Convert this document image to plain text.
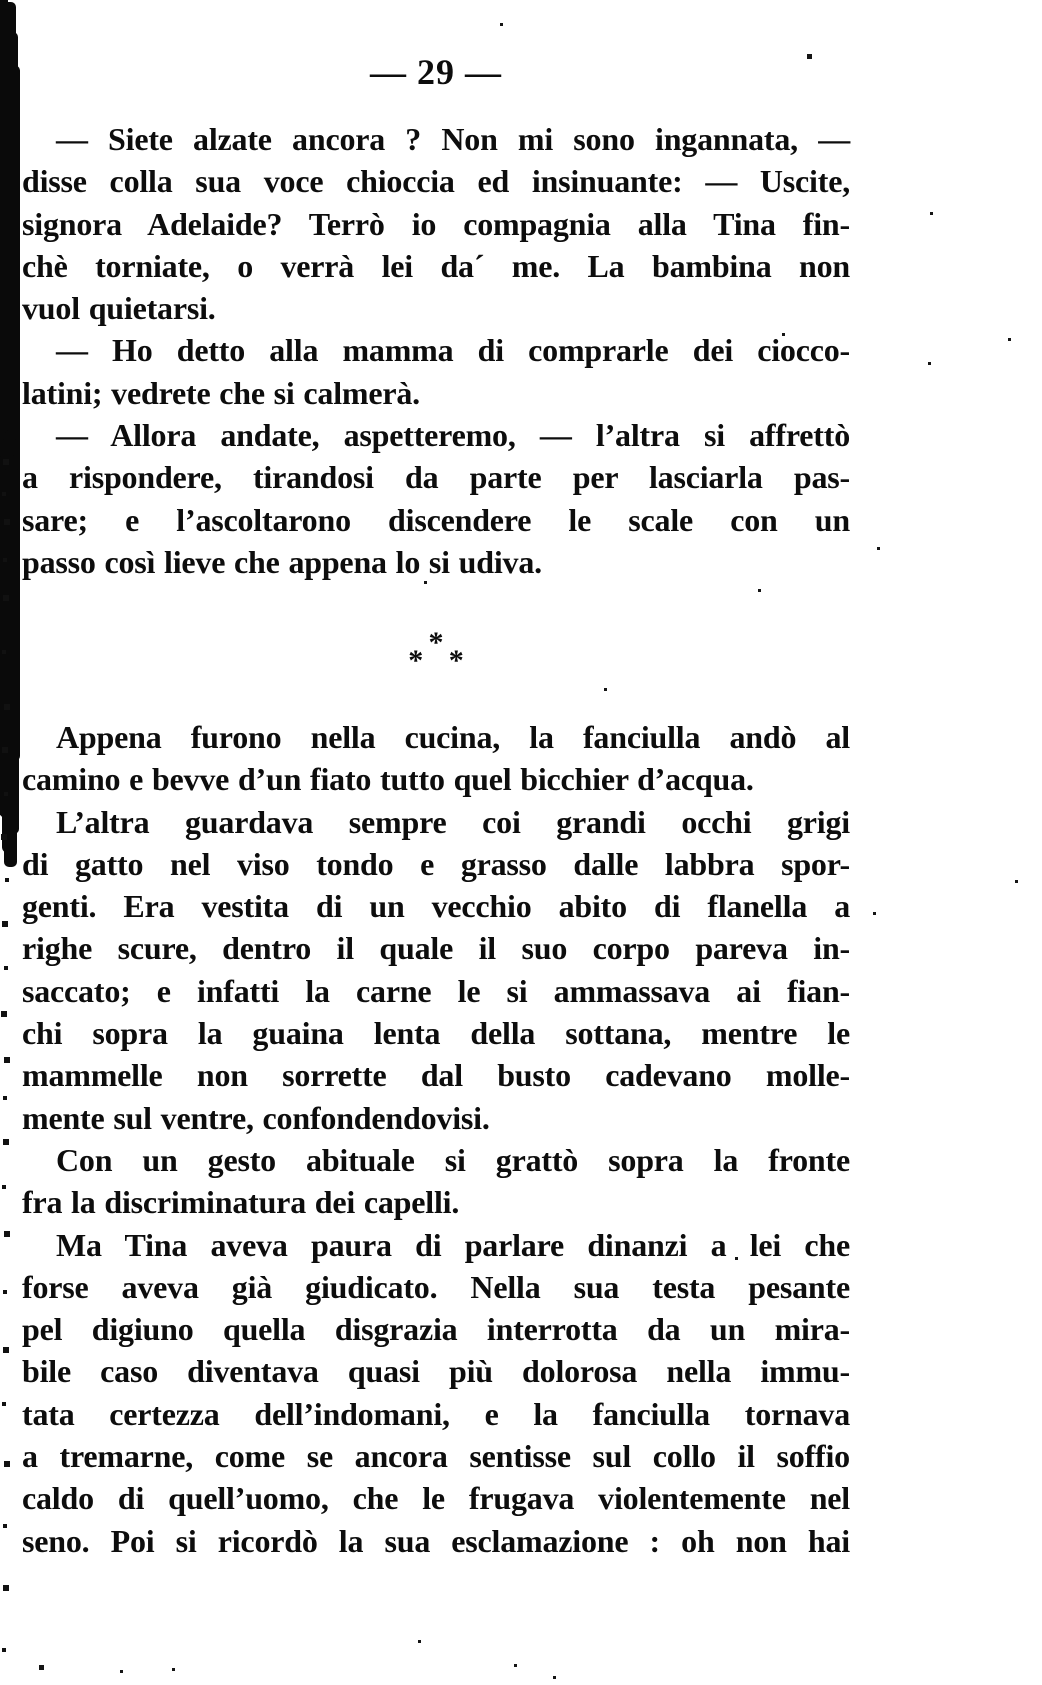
— 29 —
— Siete alzate ancora ? Non mi sono ingannata, —
disse colla sua voce chioccia ed insinuante: — Uscite,
signora Adelaide? Terrò io compagnia alla Tina fin-
chè torniate, o verrà lei da´ me. La bambina non
vuol quietarsi.
— Ho detto alla mamma di comprarle dei ciocco-
latini; vedrete che si calmerà.
— Allora andate, aspetteremo, — l’altra si affrettò
a rispondere, tirandosi da parte per lasciarla pas-
sare; e l’ascoltarono discendere le scale con un
passo così lieve che appena lo si udiva.
*
* *
Appena furono nella cucina, la fanciulla andò al
camino e bevve d’un fiato tutto quel bicchier d’acqua.
L’altra guardava sempre coi grandi occhi grigi
di gatto nel viso tondo e grasso dalle labbra spor-
genti. Era vestita di un vecchio abito di flanella a
righe scure, dentro il quale il suo corpo pareva in-
saccato; e infatti la carne le si ammassava ai fian-
chi sopra la guaina lenta della sottana, mentre le
mammelle non sorrette dal busto cadevano molle-
mente sul ventre, confondendovisi.
Con un gesto abituale si grattò sopra la fronte
fra la discriminatura dei capelli.
Ma Tina aveva paura di parlare dinanzi a lei che
forse aveva già giudicato. Nella sua testa pesante
pel digiuno quella disgrazia interrotta da un mira-
bile caso diventava quasi più dolorosa nella immu-
tata certezza dell’indomani, e la fanciulla tornava
a tremarne, come se ancora sentisse sul collo il soffio
caldo di quell’uomo, che le frugava violentemente nel
seno. Poi si ricordò la sua esclamazione : oh non hai
